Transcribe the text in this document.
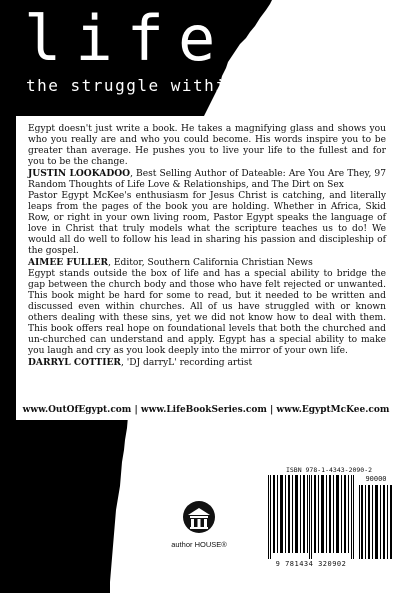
life.
the struggle within

Egypt doesn't just write a book. He takes a magnifying glass and shows you who you really are and who you could become. His words inspire you to be greater than average. He pushes you to live your life to the fullest and for you to be the change.

JUSTIN LOOKADOO, Best Selling Author of Dateable: Are You Are They, 97 Random Thoughts of Life Love & Relationships, and The Dirt on Sex

Pastor Egypt McKee's enthusiasm for Jesus Christ is catching, and literally leaps from the pages of the book you are holding. Whether in Africa, Skid Row, or right in your own living room, Pastor Egypt speaks the language of love in Christ that truly models what the scripture teaches us to do! We would all do well to follow his lead in sharing his passion and discipleship of the gospel.

AIMEE FULLER, Editor, Southern California Christian News

Egypt stands outside the box of life and has a special ability to bridge the gap between the church body and those who have felt rejected or unwanted. This book might be hard for some to read, but it needed to be written and discussed even within churches. All of us have struggled with or known others dealing with these sins, yet we did not know how to deal with them. This book offers real hope on foundational levels that both the churched and un-churched can understand and apply. Egypt has a special ability to make you laugh and cry as you look deeply into the mirror of your own life.

DARRYL COTTIER, 'DJ darryL' recording artist

www.OutOfEgypt.com | www.LifeBookSeries.com | www.EgyptMcKee.com
author HOUSE®
ISBN 978-1-4343-2090-2
90000
9 781434 320902
